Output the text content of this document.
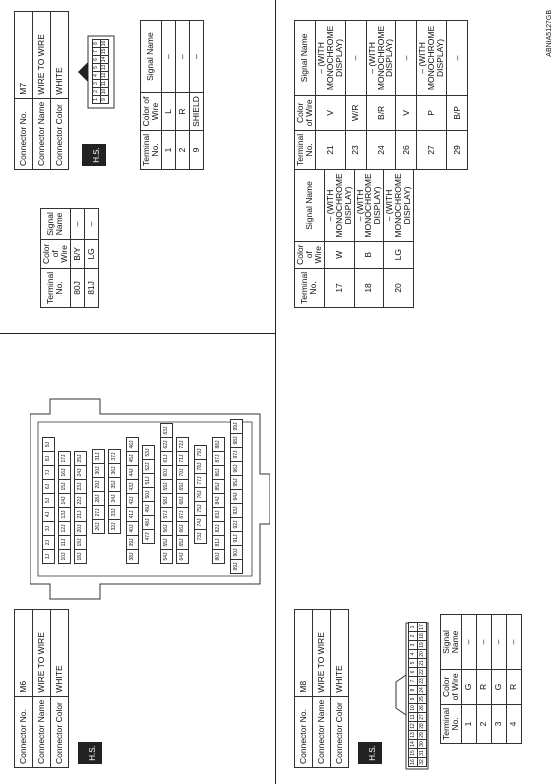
Connector No.	M6
Connector Name	WIRE TO WIRE
Connector Color	WHITE
H.S.
1J
2J
3J
4J
5J
6J
7J
8J
9J
10J
11J
12J
13J
14J
15J
16J
17J
18J
19J
20J
21J
22J
23J
24J
25J
26J
27J
28J
29J
30J
31J
32J
33J
34J
35J
36J
37J
38J
39J
40J
41J
42J
43J
44J
45J
46J
47J
48J
49J
50J
51J
52J
53J
54J
55J
56J
57J
58J
59J
60J
61J
62J
63J
64J
65J
66J
67J
68J
69J
70J
71J
72J
73J
74J
75J
76J
77J
78J
79J
80J
81J
82J
83J
84J
85J
86J
87J
88J
89J
90J
91J
92J
93J
94J
95J
96J
97J
98J
99J
Terminal No.	Color of Wire	Signal Name
80J	B/Y	–
81J	LG	–
Connector No.	M7
Connector Name	WIRE TO WIRE
Connector Color	WHITE
H.S.
1
2
3
4
5
6
7
8
9
10
11
12
13
14
15
16
Terminal No.	Color of Wire	Signal Name
1	L	–
2	R	–
9	SHIELD	–
Connector No.	M8
Connector Name	WIRE TO WIRE
Connector Color	WHITE
H.S.
16
15
14
13
12
11
10
9
8
7
6
5
4
3
2
1
32
31
30
29
28
27
26
25
24
23
22
21
20
19
18
17
Terminal No.	Color of Wire	Signal Name
1	G	–
2	R	–
3	G	–
4	R	–
Terminal No.	Color of Wire	Signal Name
17	W	– (WITH MONOCHROME DISPLAY)
18	B	– (WITH MONOCHROME DISPLAY)
20	LG	– (WITH MONOCHROME DISPLAY)
Terminal No.	Color of Wire	Signal Name
21	V	– (WITH MONOCHROME DISPLAY)
23	W/R	–
24	B/R	– (WITH MONOCHROME DISPLAY)
26	V	–
27	P	– (WITH MONOCHROME DISPLAY)
29	B/P	–
ABNIA5127GB
